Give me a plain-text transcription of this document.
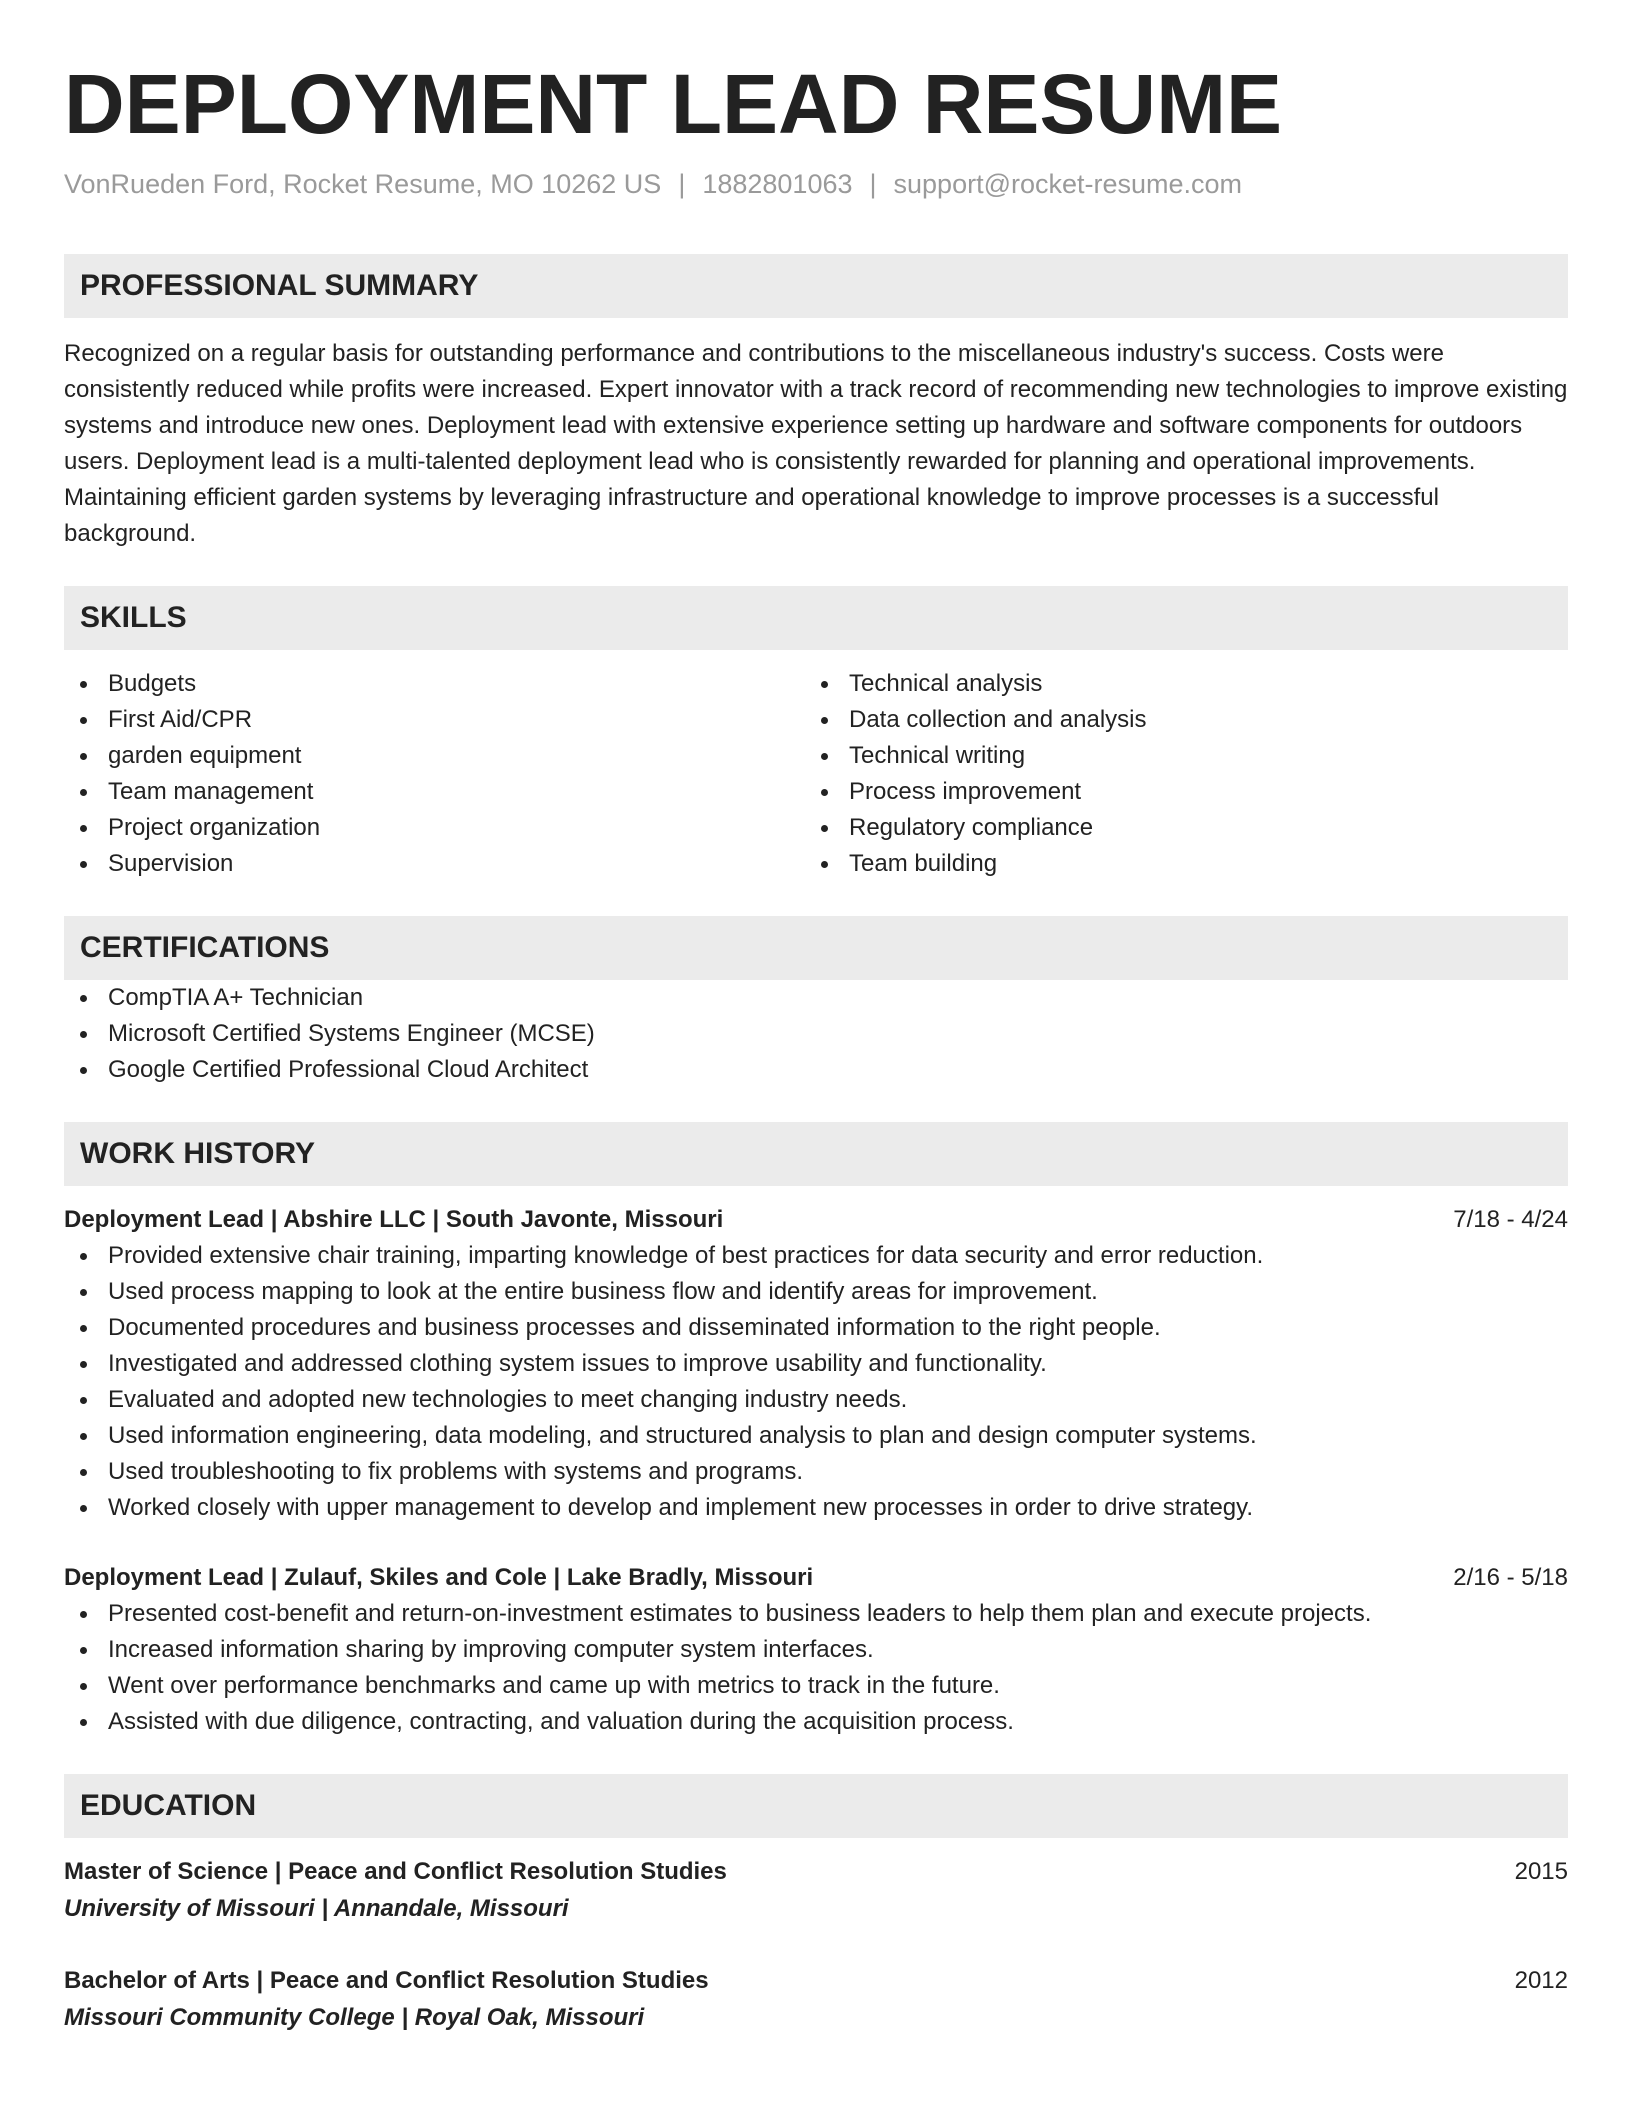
DEPLOYMENT LEAD RESUME
VonRueden Ford, Rocket Resume, MO 10262 US | 1882801063 | support@rocket-resume.com
PROFESSIONAL SUMMARY
Recognized on a regular basis for outstanding performance and contributions to the miscellaneous industry's success. Costs were consistently reduced while profits were increased. Expert innovator with a track record of recommending new technologies to improve existing systems and introduce new ones. Deployment lead with extensive experience setting up hardware and software components for outdoors users. Deployment lead is a multi-talented deployment lead who is consistently rewarded for planning and operational improvements. Maintaining efficient garden systems by leveraging infrastructure and operational knowledge to improve processes is a successful background.
SKILLS
Budgets
First Aid/CPR
garden equipment
Team management
Project organization
Supervision
Technical analysis
Data collection and analysis
Technical writing
Process improvement
Regulatory compliance
Team building
CERTIFICATIONS
CompTIA A+ Technician
Microsoft Certified Systems Engineer (MCSE)
Google Certified Professional Cloud Architect
WORK HISTORY
Deployment Lead | Abshire LLC | South Javonte, Missouri	7/18 - 4/24
Provided extensive chair training, imparting knowledge of best practices for data security and error reduction.
Used process mapping to look at the entire business flow and identify areas for improvement.
Documented procedures and business processes and disseminated information to the right people.
Investigated and addressed clothing system issues to improve usability and functionality.
Evaluated and adopted new technologies to meet changing industry needs.
Used information engineering, data modeling, and structured analysis to plan and design computer systems.
Used troubleshooting to fix problems with systems and programs.
Worked closely with upper management to develop and implement new processes in order to drive strategy.
Deployment Lead | Zulauf, Skiles and Cole | Lake Bradly, Missouri	2/16 - 5/18
Presented cost-benefit and return-on-investment estimates to business leaders to help them plan and execute projects.
Increased information sharing by improving computer system interfaces.
Went over performance benchmarks and came up with metrics to track in the future.
Assisted with due diligence, contracting, and valuation during the acquisition process.
EDUCATION
Master of Science | Peace and Conflict Resolution Studies	2015
University of Missouri | Annandale, Missouri
Bachelor of Arts | Peace and Conflict Resolution Studies	2012
Missouri Community College | Royal Oak, Missouri
